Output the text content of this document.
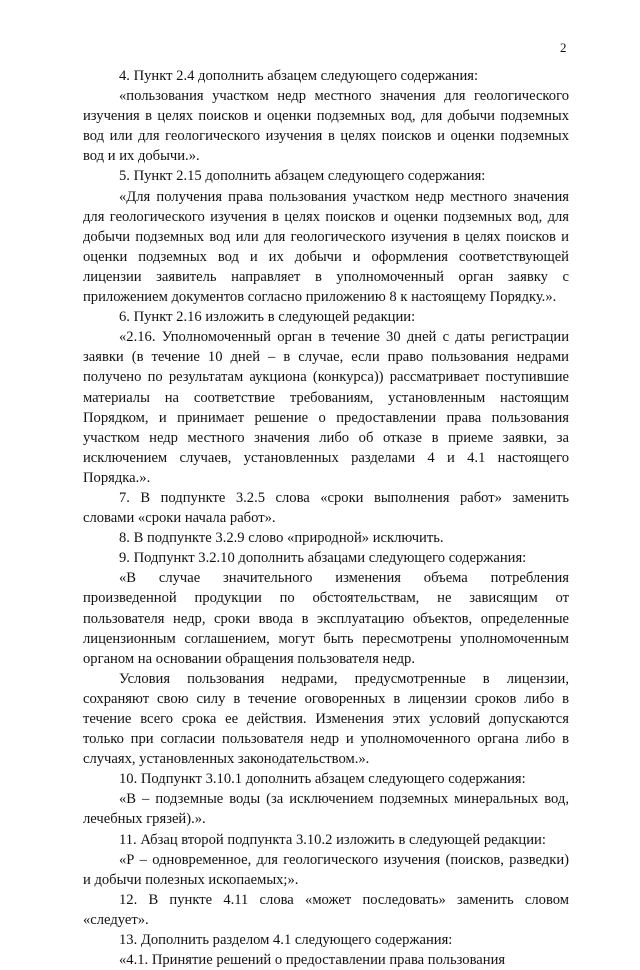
2

4. Пункт 2.4 дополнить абзацем следующего содержания:

«пользования участком недр местного значения для геологического изучения в целях поисков и оценки подземных вод, для добычи подземных вод или для геологического изучения в целях поисков и оценки подземных вод и их добычи.».

5. Пункт 2.15 дополнить абзацем следующего содержания:

«Для получения права пользования участком недр местного значения для геологического изучения в целях поисков и оценки подземных вод, для добычи подземных вод или для геологического изучения в целях поисков и оценки подземных вод и их добычи и оформления соответствующей лицензии заявитель направляет в уполномоченный орган заявку с приложением документов согласно приложению 8 к настоящему Порядку.».

6. Пункт 2.16 изложить в следующей редакции:

«2.16. Уполномоченный орган в течение 30 дней с даты регистрации заявки (в течение 10 дней – в случае, если право пользования недрами получено по результатам аукциона (конкурса)) рассматривает поступившие материалы на соответствие требованиям, установленным настоящим Порядком, и принимает решение о предоставлении права пользования участком недр местного значения либо об отказе в приеме заявки, за исключением случаев, установленных разделами 4 и 4.1 настоящего Порядка.».

7. В подпункте 3.2.5 слова «сроки выполнения работ» заменить словами «сроки начала работ».

8. В подпункте 3.2.9 слово «природной» исключить.

9. Подпункт 3.2.10 дополнить абзацами следующего содержания:

«В случае значительного изменения объема потребления произведенной продукции по обстоятельствам, не зависящим от пользователя недр, сроки ввода в эксплуатацию объектов, определенные лицензионным соглашением, могут быть пересмотрены уполномоченным органом на основании обращения пользователя недр.

Условия пользования недрами, предусмотренные в лицензии, сохраняют свою силу в течение оговоренных в лицензии сроков либо в течение всего срока ее действия. Изменения этих условий допускаются только при согласии пользователя недр и уполномоченного органа либо в случаях, установленных законодательством.».

10. Подпункт 3.10.1 дополнить абзацем следующего содержания:

«В – подземные воды (за исключением подземных минеральных вод, лечебных грязей).».

11. Абзац второй подпункта 3.10.2 изложить в следующей редакции:

«Р – одновременное, для геологического изучения (поисков, разведки) и добычи полезных ископаемых;».

12. В пункте 4.11 слова «может последовать» заменить словом «следует».

13. Дополнить разделом 4.1 следующего содержания:

«4.1. Принятие решений о предоставлении права пользования
